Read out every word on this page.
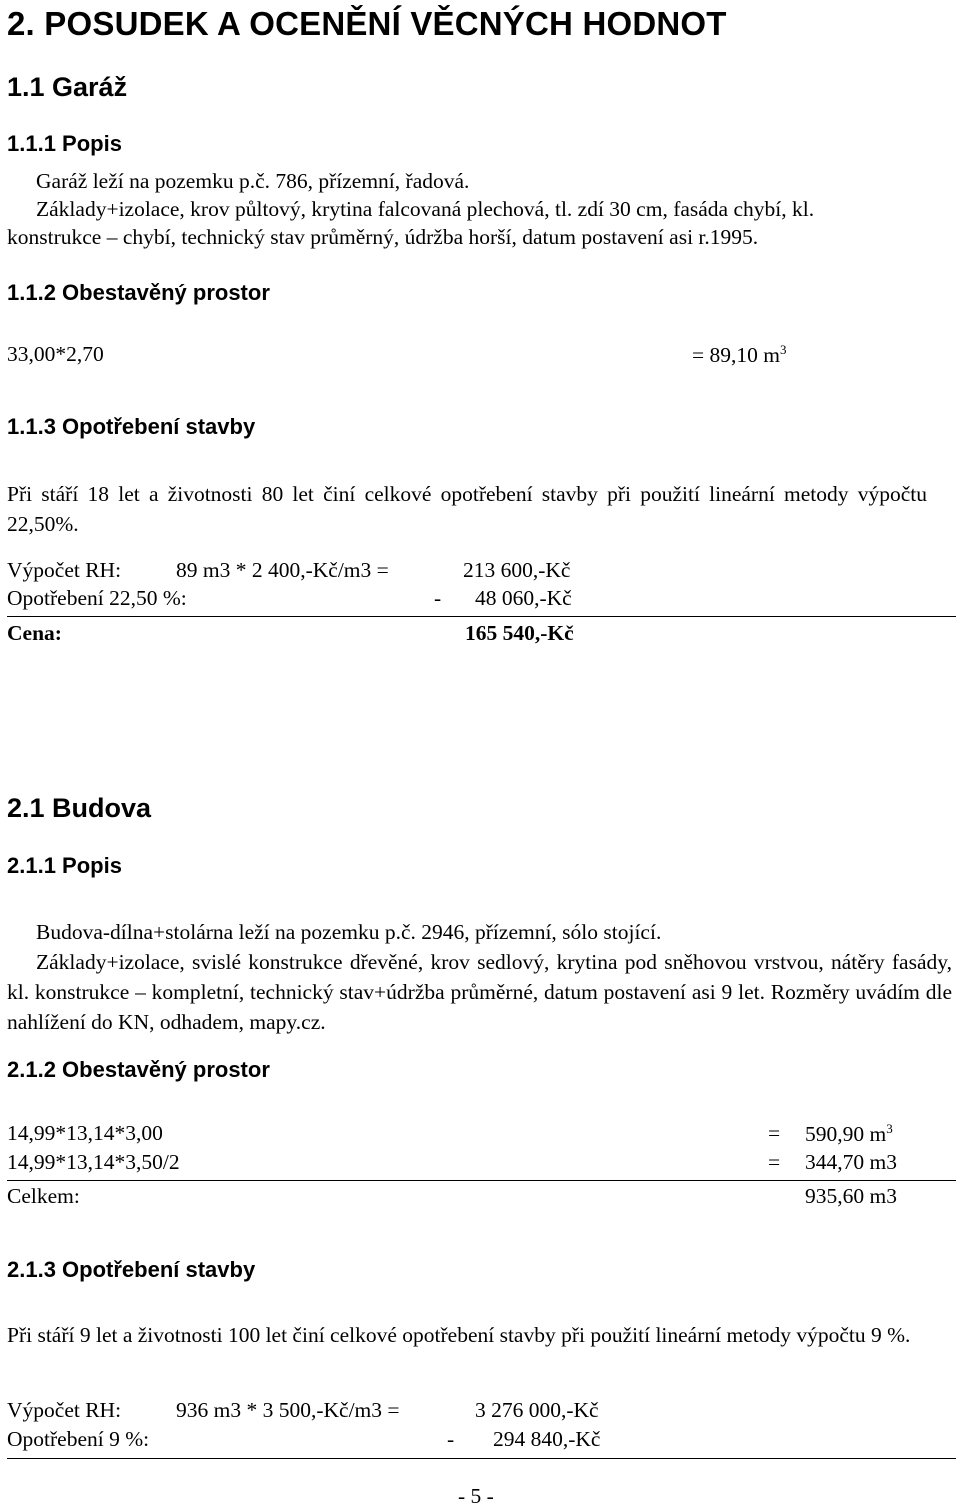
2. POSUDEK A OCENĚNÍ VĚCNÝCH HODNOT
1.1 Garáž
1.1.1 Popis
Garáž leží na pozemku p.č. 786, přízemní, řadová.
Základy+izolace, krov půltový, krytina falcovaná plechová, tl. zdí 30 cm, fasáda chybí, kl.
konstrukce – chybí, technický stav průměrný, údržba horší, datum postavení asi r.1995.
1.1.2 Obestavěný prostor
33,00*2,70	= 89,10 $m^3$
1.1.3 Opotřebení stavby
Při stáří 18 let a životnosti 80 let činí celkové opotřebení stavby při použití lineární metody výpočtu 22,50%.
Výpočet RH:	89 m3 * 2 400,-Kč/m3 =	213 600,-Kč
Opotřebení 22,50 %:	- 48 060,-Kč
Cena:	165 540,-Kč
2.1 Budova
2.1.1 Popis
Budova-dílna+stolárna leží na pozemku p.č. 2946, přízemní, sólo stojící.
Základy+izolace, svislé konstrukce dřevěné, krov sedlový, krytina pod sněhovou vrstvou, nátěry fasády, kl. konstrukce – kompletní, technický stav+údržba průměrné, datum postavení asi 9 let. Rozměry uvádím dle nahlížení do KN, odhadem, mapy.cz.
2.1.2 Obestavěný prostor
14,99*13,14*3,00	= 590,90 $m^3$
14,99*13,14*3,50/2	= 344,70 m3
Celkem:	935,60 m3
2.1.3 Opotřebení stavby
Při stáří 9 let a životnosti 100 let činí celkové opotřebení stavby při použití lineární metody výpočtu 9 %.
Výpočet RH:	936 m3 * 3 500,-Kč/m3 =	3 276 000,-Kč
Opotřebení 9 %:	- 294 840,-Kč
- 5 -
